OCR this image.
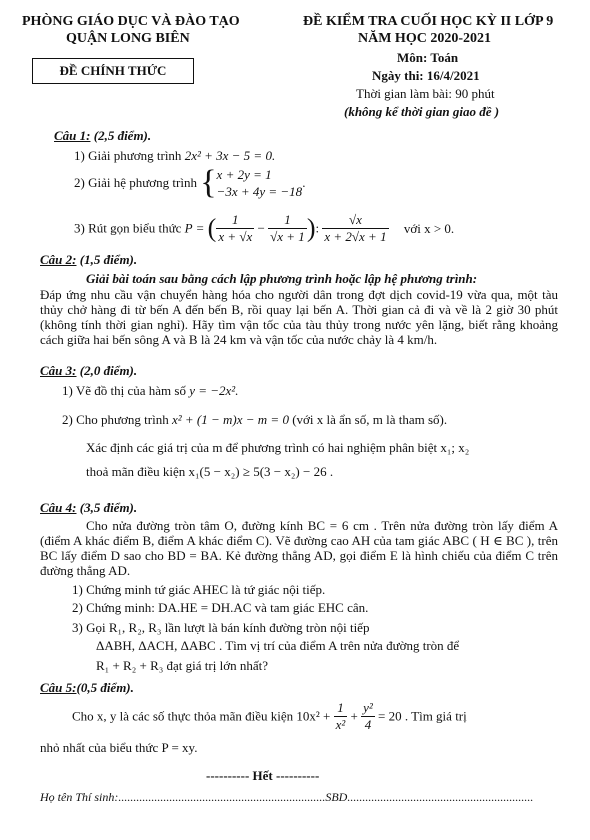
PHÒNG GIÁO DỤC VÀ ĐÀO TẠO
QUẬN LONG BIÊN
ĐỀ CHÍNH THỨC
ĐỀ KIỂM TRA CUỐI HỌC KỲ II LỚP 9
NĂM HỌC 2020-2021
Môn: Toán
Ngày thi: 16/4/2021
Thời gian làm bài: 90 phút
(không kể thời gian giao đề )
Câu 1: (2,5 điểm).
1) Giải phương trình 2x² + 3x − 5 = 0.
2) Giải hệ phương trình { x + 2y = 1
−3x + 4y = −18
.
3) Rút gọn biểu thức P = ( $\frac{1}{x + √x} - \frac{1}{√x + 1}$ ): $\frac{√x}{x + 2√x + 1}$ với x > 0.
Câu 2: (1,5 điểm).
Giải bài toán sau bằng cách lập phương trình hoặc lập hệ phương trình:
Đáp ứng nhu cầu vận chuyển hàng hóa cho người dân trong đợt dịch covid-19 vừa qua, một tàu thủy chở hàng đi từ bến A đến bến B, rồi quay lại bến A. Thời gian cả đi và về là 2 giờ 30 phút (không tính thời gian nghỉ). Hãy tìm vận tốc của tàu thủy trong nước yên lặng, biết rằng khoảng cách giữa hai bến sông A và B là 24 km và vận tốc của nước chảy là 4 km/h.
Câu 3: (2,0 điểm).
1) Vẽ đồ thị của hàm số y = −2x².
2) Cho phương trình x² + (1 − m)x − m = 0 (với x là ẩn số, m là tham số).
Xác định các giá trị của m để phương trình có hai nghiệm phân biệt x₁; x₂
thoả mãn điều kiện x₁(5 − x₂) ≥ 5(3 − x₂) − 26 .
Câu 4: (3,5 điểm).
Cho nửa đường tròn tâm O, đường kính BC = 6 cm . Trên nửa đường tròn lấy điểm A (điểm A khác điểm B, điểm A khác điểm C). Vẽ đường cao AH của tam giác ABC ( H ∈ BC ), trên BC lấy điểm D sao cho BD = BA. Kẻ đường thẳng AD, gọi điểm E là hình chiếu của điểm C trên đường thẳng AD.
1) Chứng minh tứ giác AHEC là tứ giác nội tiếp.
2) Chứng minh: DA.HE = DH.AC và tam giác EHC cân.
3) Gọi R₁, R₂, R₃ lần lượt là bán kính đường tròn nội tiếp
ΔABH, ΔACH, ΔABC . Tìm vị trí của điểm A trên nửa đường tròn để
R₁ + R₂ + R₃ đạt giá trị lớn nhất?
Câu 5:(0,5 điểm).
Cho x, y là các số thực thỏa mãn điều kiện $10x^2 + \frac{1}{\text{x²}} + \frac{\text{y²}}{4} = 20$ . Tìm giá trị
nhỏ nhất của biểu thức P = xy.
---------- Hết ----------
Họ tên Thí sinh:.....................................................................SBD..............................................................
